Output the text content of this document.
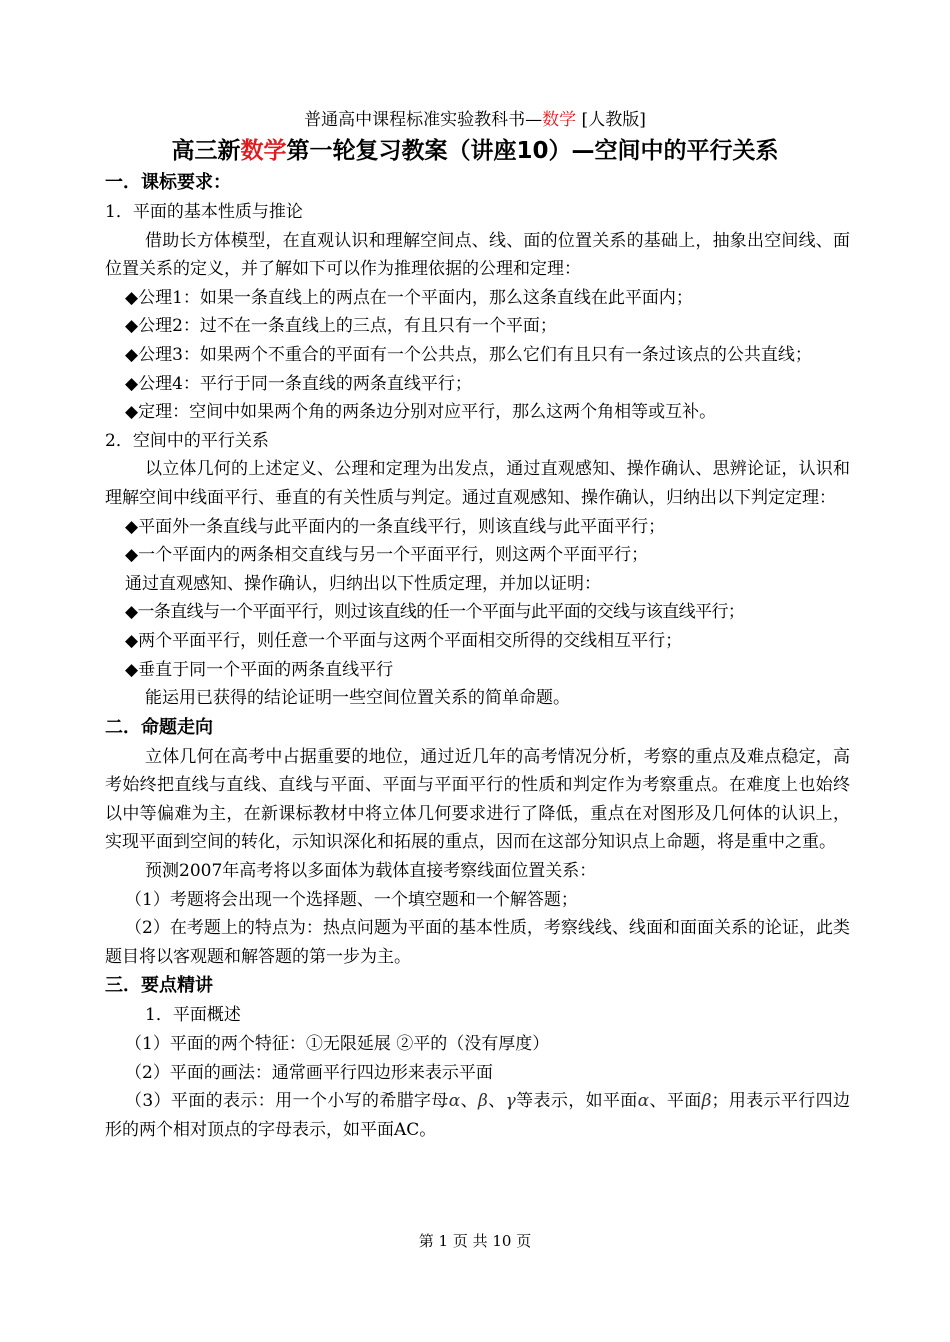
普通高中课程标准实验教科书—数学 [人教版]
高三新数学第一轮复习教案（讲座10）—空间中的平行关系

一．课标要求：

1．平面的基本性质与推论

借助长方体模型，在直观认识和理解空间点、线、面的位置关系的基础上，抽象出空间线、面位置关系的定义，并了解如下可以作为推理依据的公理和定理：

◆公理1：如果一条直线上的两点在一个平面内，那么这条直线在此平面内；

◆公理2：过不在一条直线上的三点，有且只有一个平面；

◆公理3：如果两个不重合的平面有一个公共点，那么它们有且只有一条过该点的公共直线；

◆公理4：平行于同一条直线的两条直线平行；

◆定理：空间中如果两个角的两条边分别对应平行，那么这两个角相等或互补。

2．空间中的平行关系

以立体几何的上述定义、公理和定理为出发点，通过直观感知、操作确认、思辨论证，认识和理解空间中线面平行、垂直的有关性质与判定。通过直观感知、操作确认，归纳出以下判定定理：

◆平面外一条直线与此平面内的一条直线平行，则该直线与此平面平行；

◆一个平面内的两条相交直线与另一个平面平行，则这两个平面平行；

通过直观感知、操作确认，归纳出以下性质定理，并加以证明：

◆一条直线与一个平面平行，则过该直线的任一个平面与此平面的交线与该直线平行；

◆两个平面平行，则任意一个平面与这两个平面相交所得的交线相互平行；

◆垂直于同一个平面的两条直线平行

能运用已获得的结论证明一些空间位置关系的简单命题。

二．命题走向

立体几何在高考中占据重要的地位，通过近几年的高考情况分析，考察的重点及难点稳定，高考始终把直线与直线、直线与平面、平面与平面平行的性质和判定作为考察重点。在难度上也始终以中等偏难为主，在新课标教材中将立体几何要求进行了降低，重点在对图形及几何体的认识上，实现平面到空间的转化，示知识深化和拓展的重点，因而在这部分知识点上命题，将是重中之重。

预测2007年高考将以多面体为载体直接考察线面位置关系：

（1）考题将会出现一个选择题、一个填空题和一个解答题；

（2）在考题上的特点为：热点问题为平面的基本性质，考察线线、线面和面面关系的论证，此类题目将以客观题和解答题的第一步为主。

三．要点精讲

1．平面概述

（1）平面的两个特征：①无限延展 ②平的（没有厚度）

（2）平面的画法：通常画平行四边形来表示平面

（3）平面的表示：用一个小写的希腊字母α、β、γ等表示，如平面α、平面β；用表示平行四边形的两个相对顶点的字母表示，如平面AC。

第 1 页 共 10 页
